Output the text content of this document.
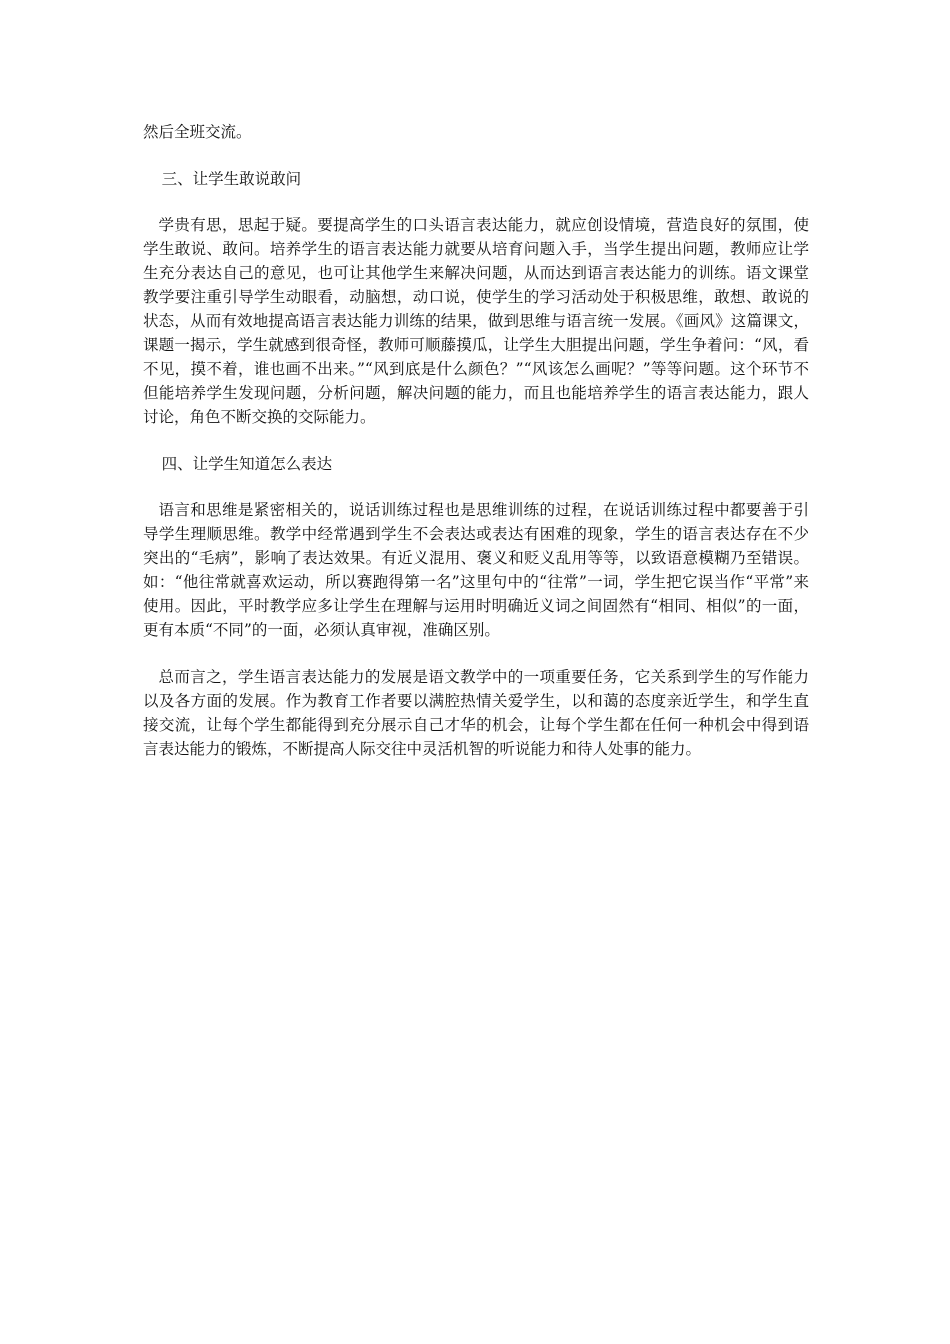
然后全班交流。

三、让学生敢说敢问

学贵有思，思起于疑。要提高学生的口头语言表达能力，就应创设情境，营造良好的氛围，使学生敢说、敢问。培养学生的语言表达能力就要从培育问题入手，当学生提出问题，教师应让学生充分表达自己的意见，也可让其他学生来解决问题，从而达到语言表达能力的训练。语文课堂教学要注重引导学生动眼看，动脑想，动口说，使学生的学习活动处于积极思维，敢想、敢说的状态，从而有效地提高语言表达能力训练的结果，做到思维与语言统一发展。《画风》这篇课文，课题一揭示，学生就感到很奇怪，教师可顺藤摸瓜，让学生大胆提出问题，学生争着问：“风，看不见，摸不着，谁也画不出来。”“风到底是什么颜色？”“风该怎么画呢？”等等问题。这个环节不但能培养学生发现问题，分析问题，解决问题的能力，而且也能培养学生的语言表达能力，跟人讨论，角色不断交换的交际能力。

四、让学生知道怎么表达

语言和思维是紧密相关的，说话训练过程也是思维训练的过程，在说话训练过程中都要善于引导学生理顺思维。教学中经常遇到学生不会表达或表达有困难的现象，学生的语言表达存在不少突出的“毛病”，影响了表达效果。有近义混用、褒义和贬义乱用等等，以致语意模糊乃至错误。如：“他往常就喜欢运动，所以赛跑得第一名”这里句中的“往常”一词，学生把它误当作“平常”来使用。因此，平时教学应多让学生在理解与运用时明确近义词之间固然有“相同、相似”的一面，更有本质“不同”的一面，必须认真审视，准确区别。

总而言之，学生语言表达能力的发展是语文教学中的一项重要任务，它关系到学生的写作能力以及各方面的发展。作为教育工作者要以满腔热情关爱学生，以和蔼的态度亲近学生，和学生直接交流，让每个学生都能得到充分展示自己才华的机会，让每个学生都在任何一种机会中得到语言表达能力的锻炼，不断提高人际交往中灵活机智的听说能力和待人处事的能力。
